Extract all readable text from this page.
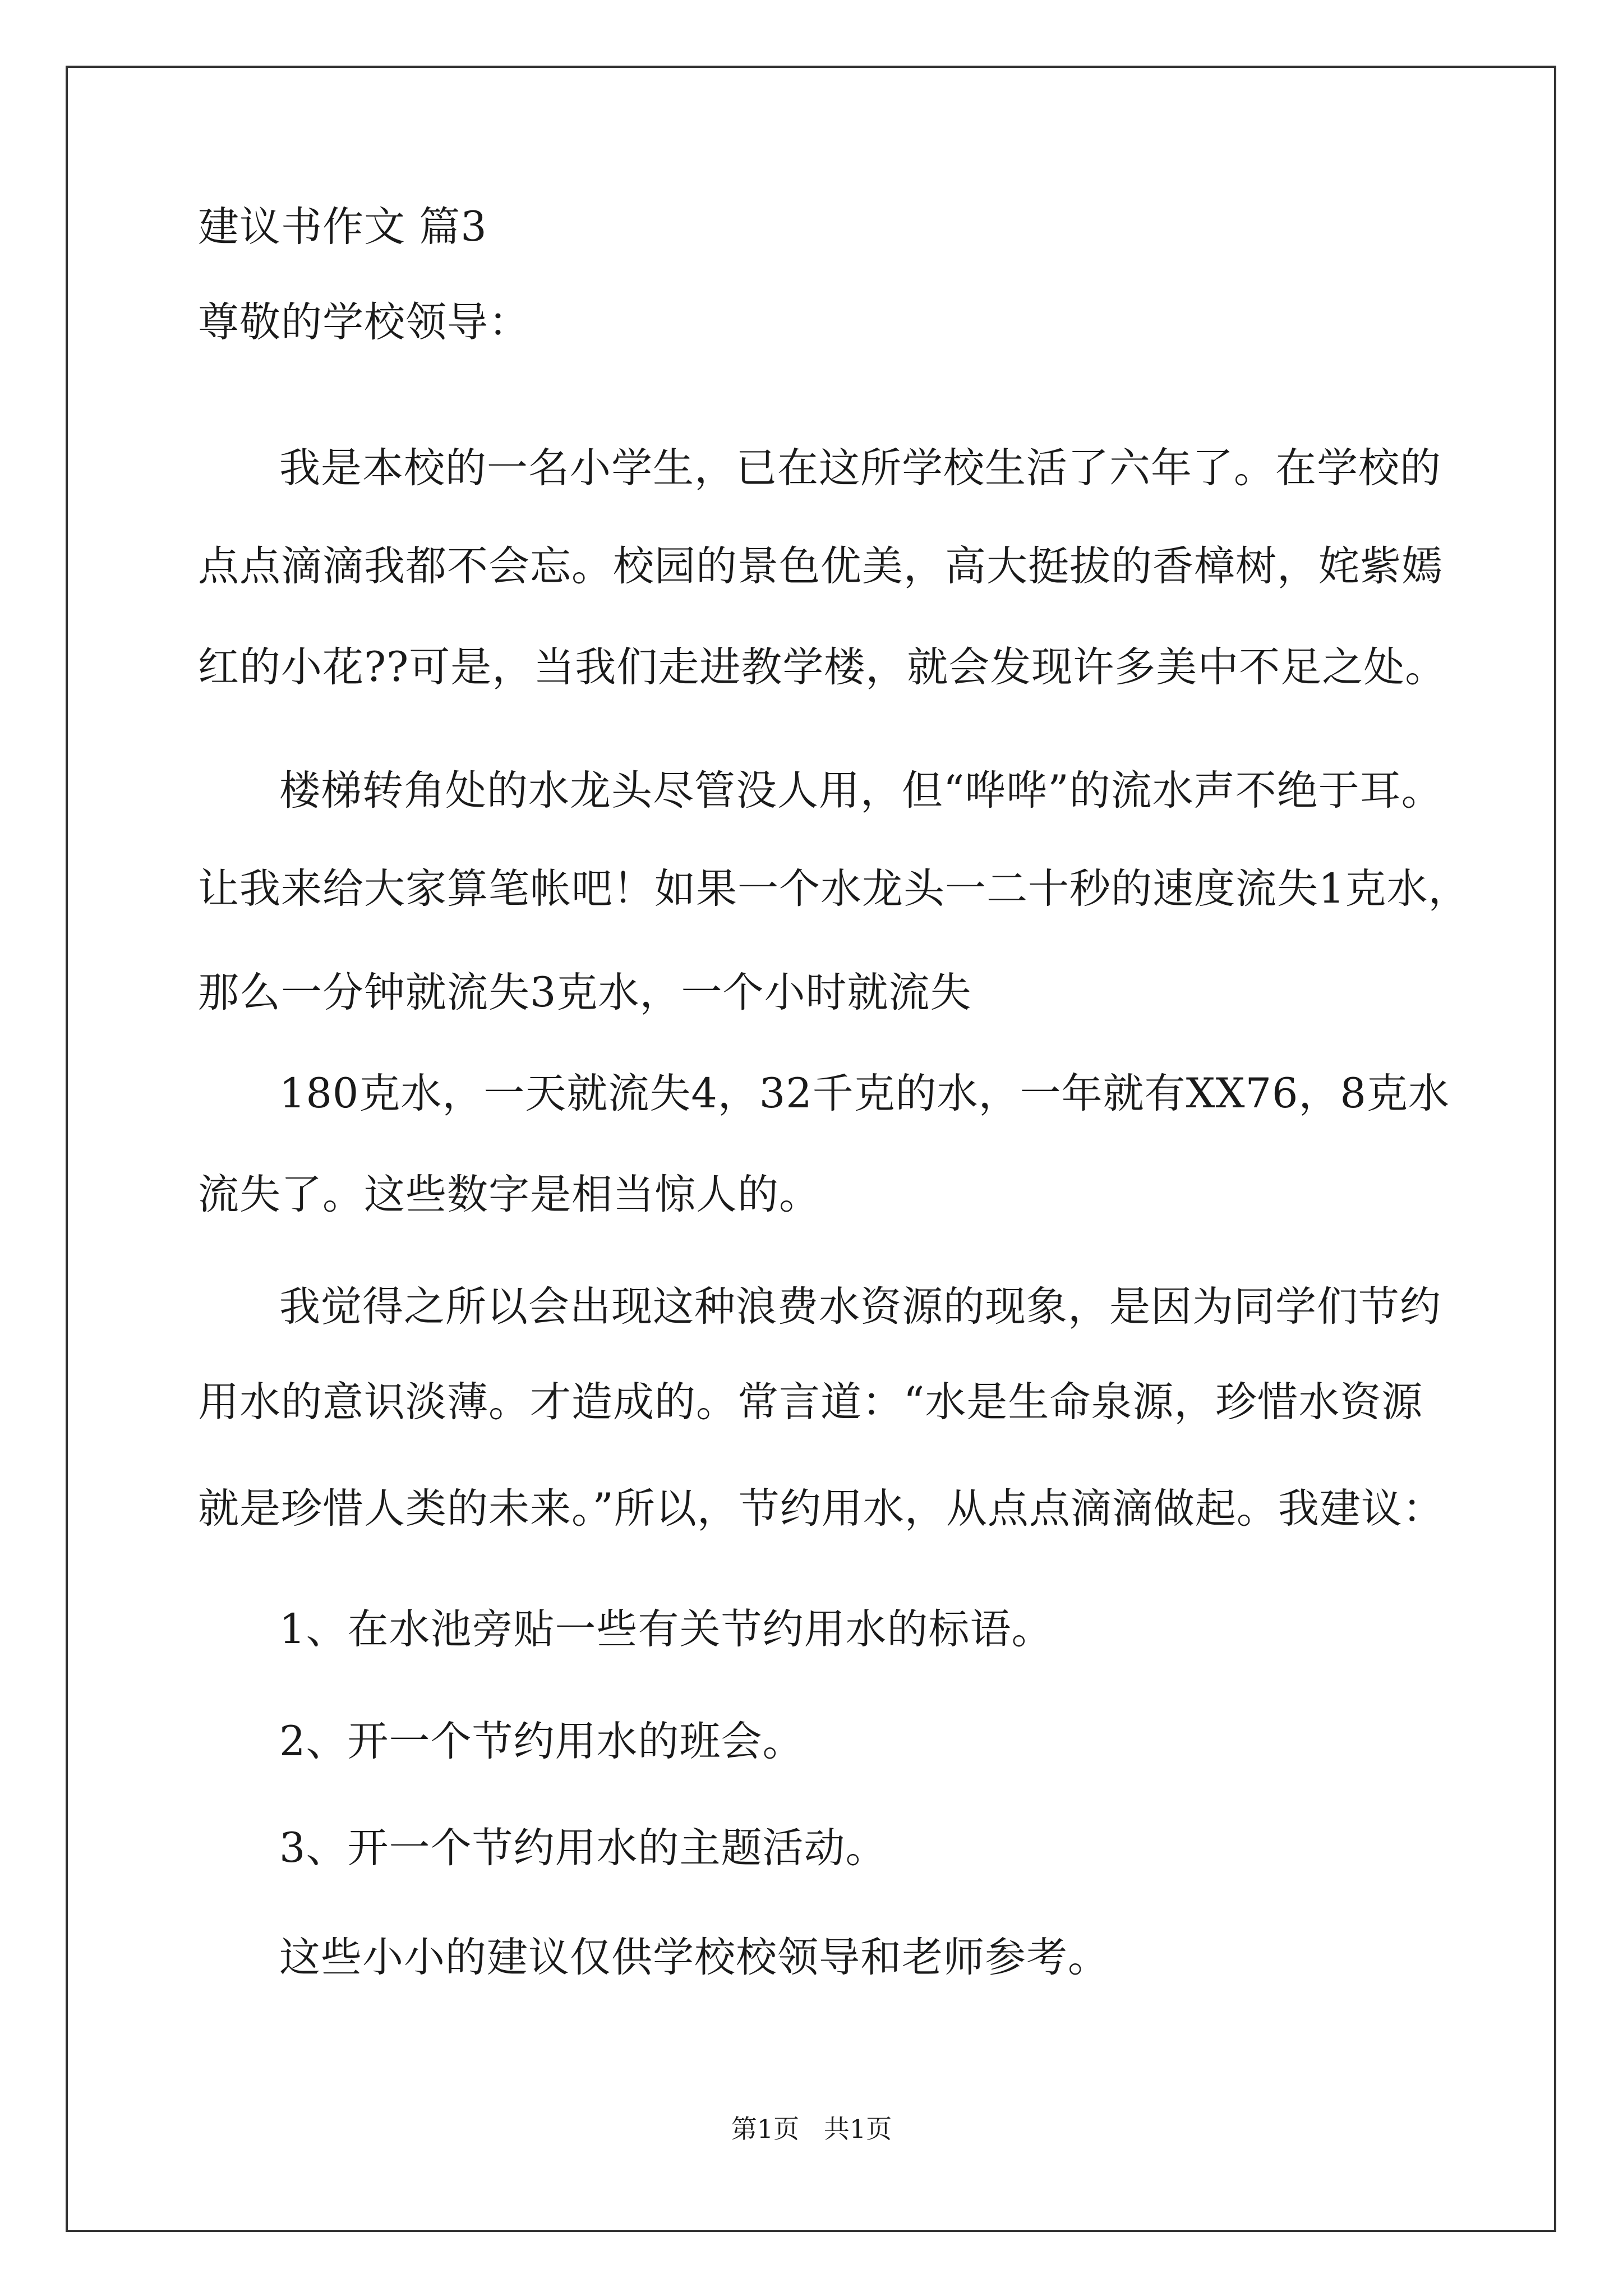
建议书作文 篇3

尊敬的学校领导：

我是本校的一名小学生，已在这所学校生活了六年了。在学校的

点点滴滴我都不会忘。校园的景色优美，高大挺拔的香樟树，姹紫嫣

红的小花??可是，当我们走进教学楼，就会发现许多美中不足之处。

楼梯转角处的水龙头尽管没人用，但“哗哗”的流水声不绝于耳。

让我来给大家算笔帐吧！如果一个水龙头一二十秒的速度流失1克水，

那么一分钟就流失3克水，一个小时就流失

180克水，一天就流失4，32千克的水，一年就有XX76，8克水

流失了。这些数字是相当惊人的。

我觉得之所以会出现这种浪费水资源的现象，是因为同学们节约

用水的意识淡薄。才造成的。常言道：“水是生命泉源，珍惜水资源

就是珍惜人类的未来。”所以，节约用水，从点点滴滴做起。我建议：

1、在水池旁贴一些有关节约用水的标语。

2、开一个节约用水的班会。

3、开一个节约用水的主题活动。

这些小小的建议仅供学校校领导和老师参考。

第1页   共1页
